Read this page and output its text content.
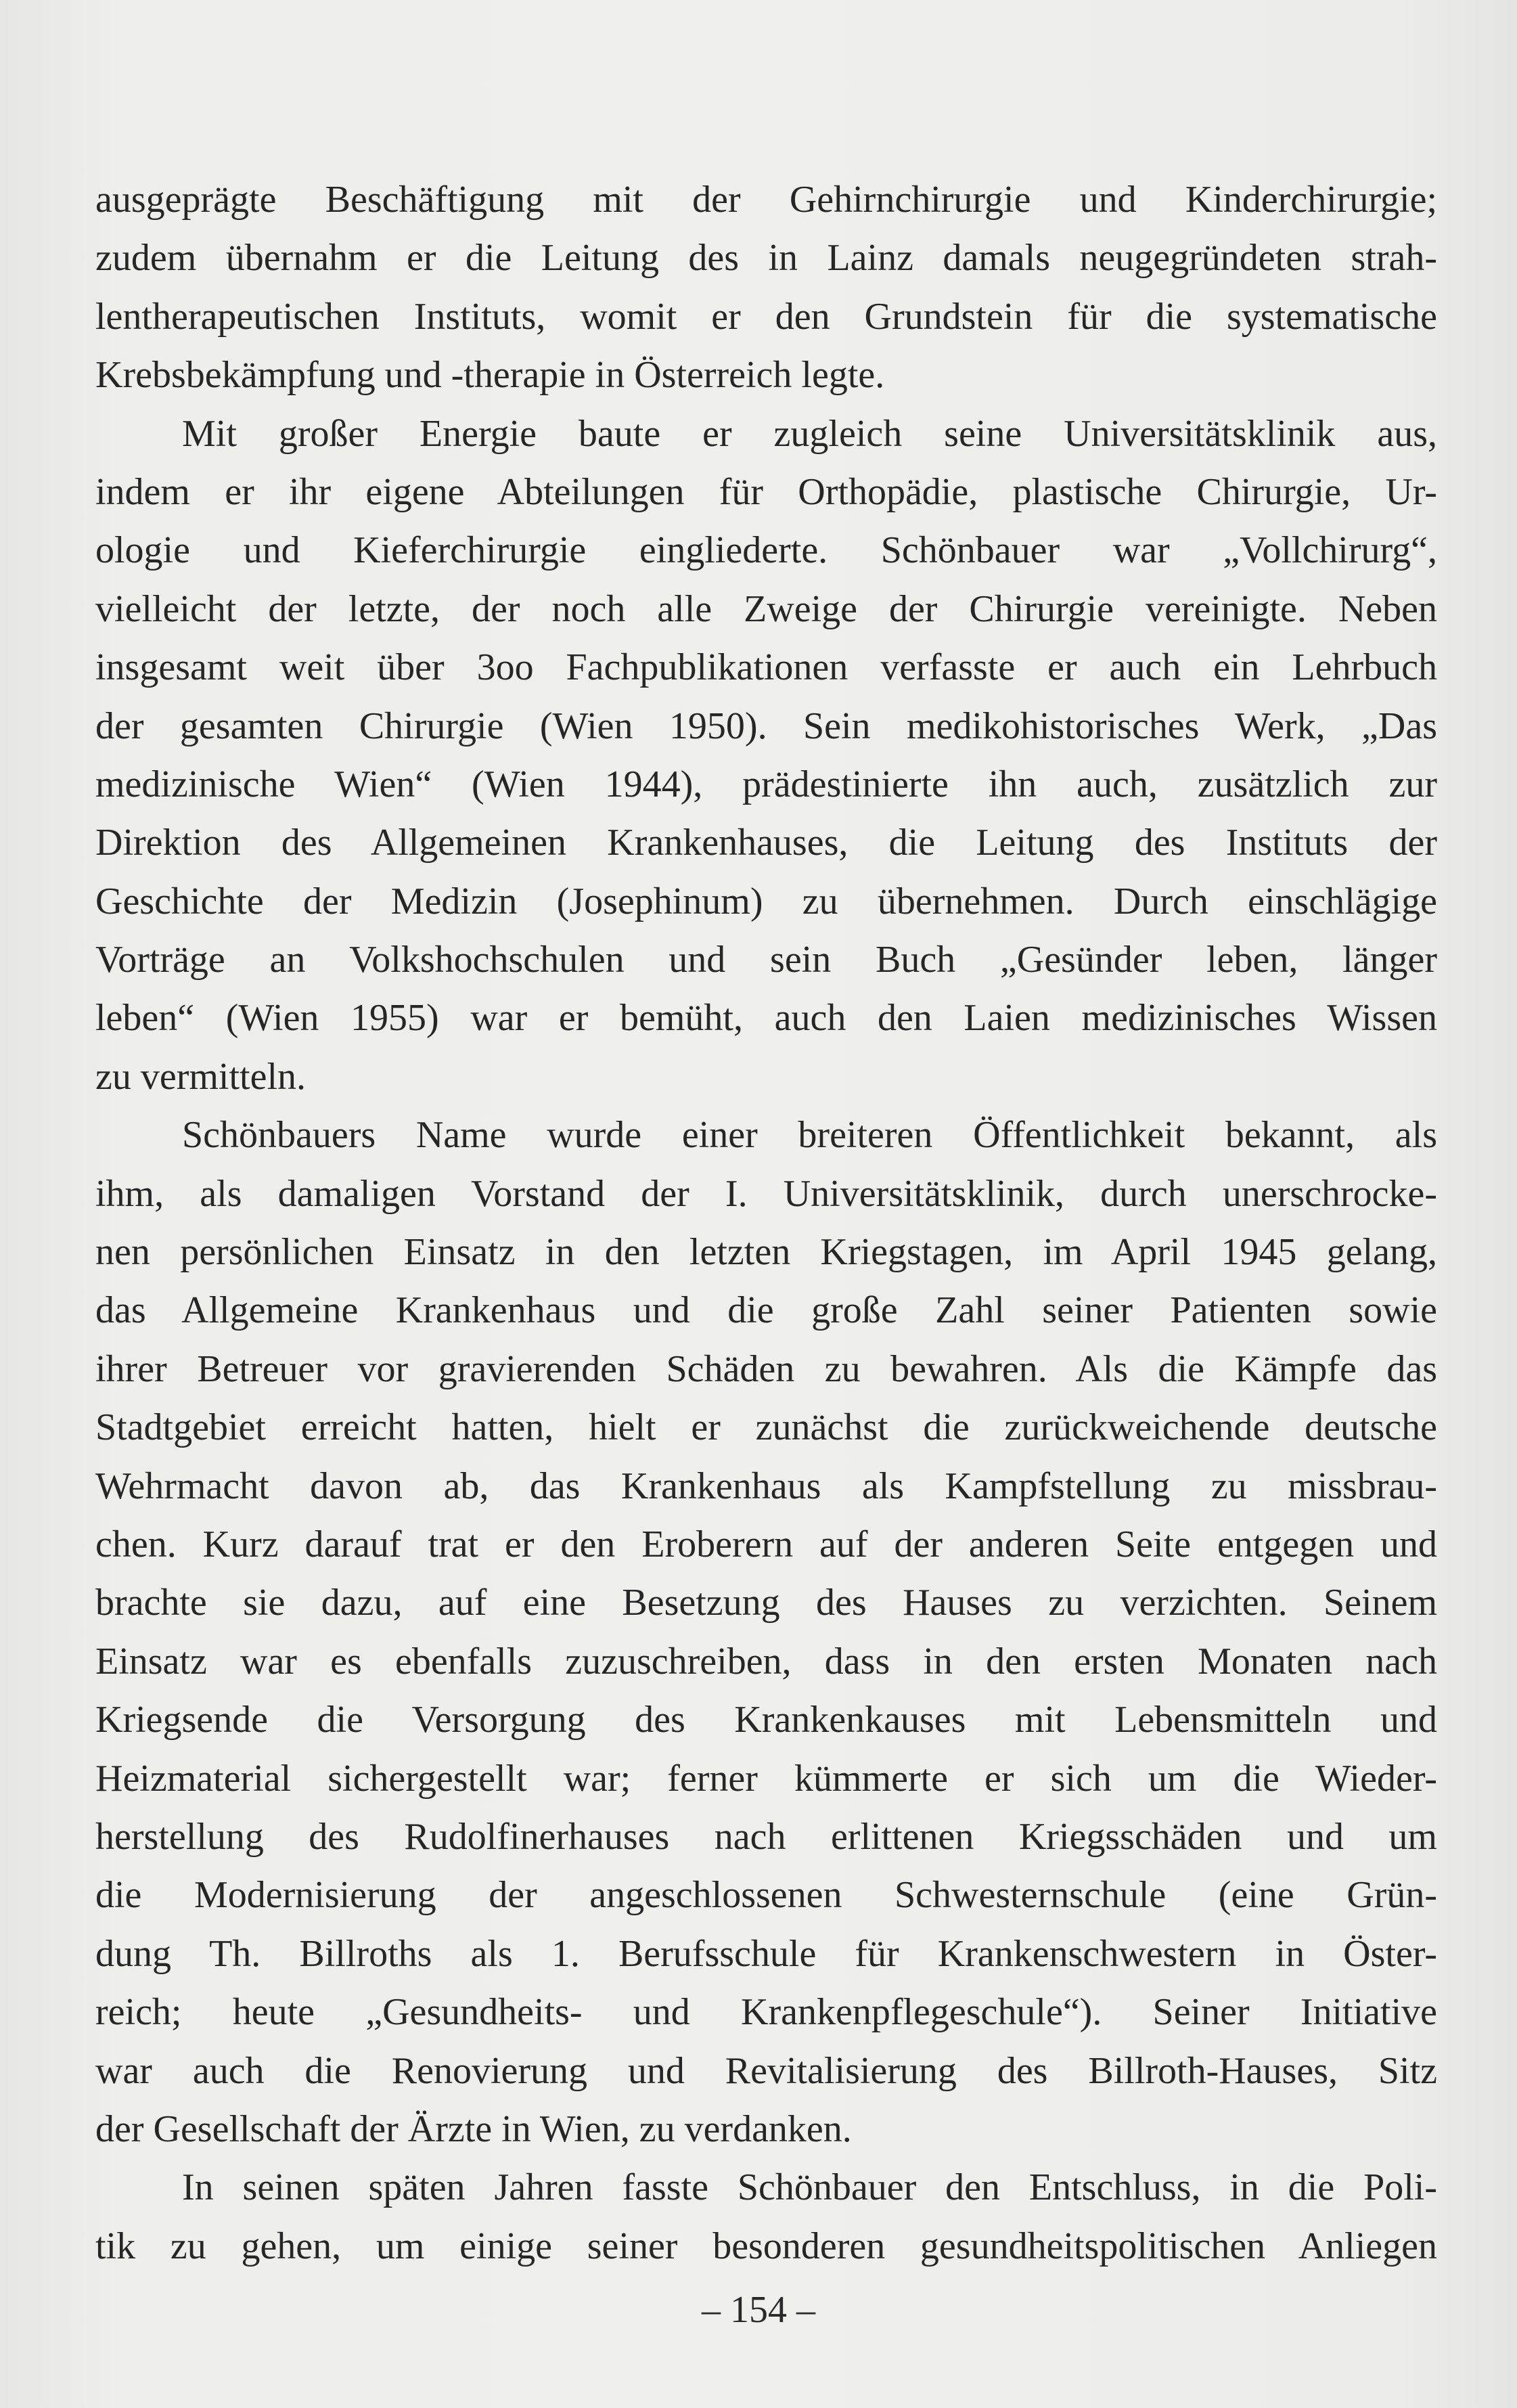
ausgeprägte Beschäftigung mit der Gehirnchirurgie und Kinderchirurgie;
zudem übernahm er die Leitung des in Lainz damals neugegründeten strah-
lentherapeutischen Instituts, womit er den Grundstein für die systematische
Krebsbekämpfung und -therapie in Österreich legte.
Mit großer Energie baute er zugleich seine Universitätsklinik aus,
indem er ihr eigene Abteilungen für Orthopädie, plastische Chirurgie, Ur-
ologie und Kieferchirurgie eingliederte. Schönbauer war „Vollchirurg“,
vielleicht der letzte, der noch alle Zweige der Chirurgie vereinigte. Neben
insgesamt weit über 3oo Fachpublikationen verfasste er auch ein Lehrbuch
der gesamten Chirurgie (Wien 1950). Sein medikohistorisches Werk, „Das
medizinische Wien“ (Wien 1944), prädestinierte ihn auch, zusätzlich zur
Direktion des Allgemeinen Krankenhauses, die Leitung des Instituts der
Geschichte der Medizin (Josephinum) zu übernehmen. Durch einschlägige
Vorträge an Volkshochschulen und sein Buch „Gesünder leben, länger
leben“ (Wien 1955) war er bemüht, auch den Laien medizinisches Wissen
zu vermitteln.
Schönbauers Name wurde einer breiteren Öffentlichkeit bekannt, als
ihm, als damaligen Vorstand der I. Universitätsklinik, durch unerschrocke-
nen persönlichen Einsatz in den letzten Kriegstagen, im April 1945 gelang,
das Allgemeine Krankenhaus und die große Zahl seiner Patienten sowie
ihrer Betreuer vor gravierenden Schäden zu bewahren. Als die Kämpfe das
Stadtgebiet erreicht hatten, hielt er zunächst die zurückweichende deutsche
Wehrmacht davon ab, das Krankenhaus als Kampfstellung zu missbrau-
chen. Kurz darauf trat er den Eroberern auf der anderen Seite entgegen und
brachte sie dazu, auf eine Besetzung des Hauses zu verzichten. Seinem
Einsatz war es ebenfalls zuzuschreiben, dass in den ersten Monaten nach
Kriegsende die Versorgung des Krankenkauses mit Lebensmitteln und
Heizmaterial sichergestellt war; ferner kümmerte er sich um die Wieder-
herstellung des Rudolfinerhauses nach erlittenen Kriegsschäden und um
die Modernisierung der angeschlossenen Schwesternschule (eine Grün-
dung Th. Billroths als 1. Berufsschule für Krankenschwestern in Öster-
reich; heute „Gesundheits- und Krankenpflegeschule“). Seiner Initiative
war auch die Renovierung und Revitalisierung des Billroth-Hauses, Sitz
der Gesellschaft der Ärzte in Wien, zu verdanken.
In seinen späten Jahren fasste Schönbauer den Entschluss, in die Poli-
tik zu gehen, um einige seiner besonderen gesundheitspolitischen Anliegen
– 154 –
